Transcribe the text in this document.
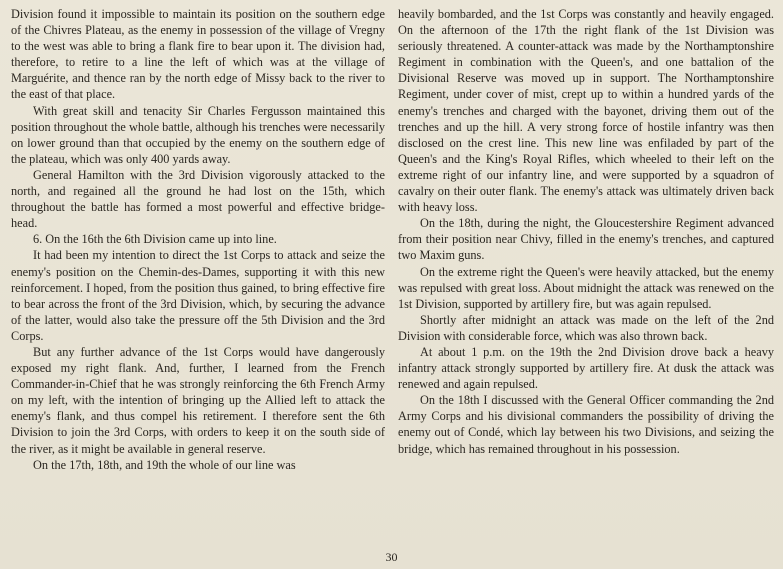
Division found it impossible to maintain its position on the southern edge of the Chivres Plateau, as the enemy in possession of the village of Vregny to the west was able to bring a flank fire to bear upon it. The division had, therefore, to retire to a line the left of which was at the village of Marguérite, and thence ran by the north edge of Missy back to the river to the east of that place.

With great skill and tenacity Sir Charles Fergusson maintained this position throughout the whole battle, although his trenches were necessarily on lower ground than that occupied by the enemy on the southern edge of the plateau, which was only 400 yards away.

General Hamilton with the 3rd Division vigorously attacked to the north, and regained all the ground he had lost on the 15th, which throughout the battle has formed a most powerful and effective bridge-head.

6. On the 16th the 6th Division came up into line.

It had been my intention to direct the 1st Corps to attack and seize the enemy's position on the Chemin-des-Dames, supporting it with this new reinforcement. I hoped, from the position thus gained, to bring effective fire to bear across the front of the 3rd Division, which, by securing the advance of the latter, would also take the pressure off the 5th Division and the 3rd Corps.

But any further advance of the 1st Corps would have dangerously exposed my right flank. And, further, I learned from the French Commander-in-Chief that he was strongly reinforcing the 6th French Army on my left, with the intention of bringing up the Allied left to attack the enemy's flank, and thus compel his retirement. I therefore sent the 6th Division to join the 3rd Corps, with orders to keep it on the south side of the river, as it might be available in general reserve.

On the 17th, 18th, and 19th the whole of our line was

heavily bombarded, and the 1st Corps was constantly and heavily engaged. On the afternoon of the 17th the right flank of the 1st Division was seriously threatened. A counter-attack was made by the Northamptonshire Regiment in combination with the Queen's, and one battalion of the Divisional Reserve was moved up in support. The Northamptonshire Regiment, under cover of mist, crept up to within a hundred yards of the enemy's trenches and charged with the bayonet, driving them out of the trenches and up the hill. A very strong force of hostile infantry was then disclosed on the crest line. This new line was enfiladed by part of the Queen's and the King's Royal Rifles, which wheeled to their left on the extreme right of our infantry line, and were supported by a squadron of cavalry on their outer flank. The enemy's attack was ultimately driven back with heavy loss.

On the 18th, during the night, the Gloucestershire Regiment advanced from their position near Chivy, filled in the enemy's trenches, and captured two Maxim guns.

On the extreme right the Queen's were heavily attacked, but the enemy was repulsed with great loss. About midnight the attack was renewed on the 1st Division, supported by artillery fire, but was again repulsed.

Shortly after midnight an attack was made on the left of the 2nd Division with considerable force, which was also thrown back.

At about 1 p.m. on the 19th the 2nd Division drove back a heavy infantry attack strongly supported by artillery fire. At dusk the attack was renewed and again repulsed.

On the 18th I discussed with the General Officer commanding the 2nd Army Corps and his divisional commanders the possibility of driving the enemy out of Condé, which lay between his two Divisions, and seizing the bridge, which has remained throughout in his possession.

30
